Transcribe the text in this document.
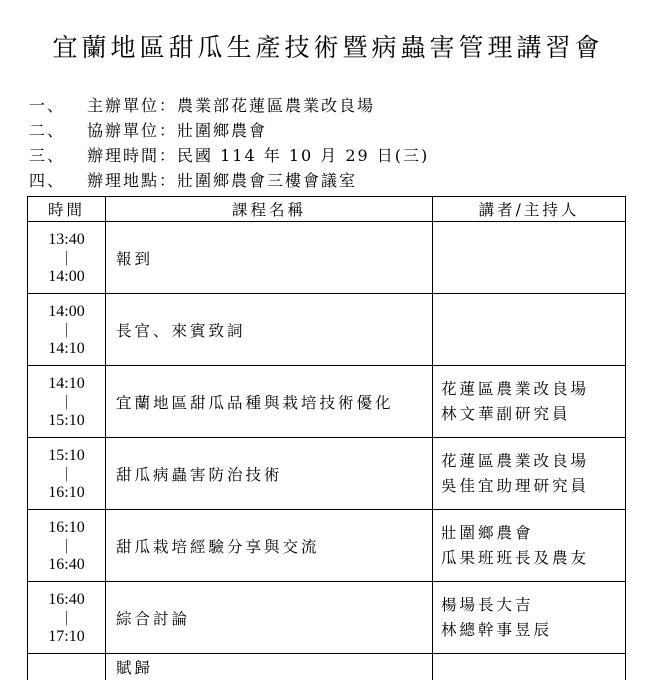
宜蘭地區甜瓜生產技術暨病蟲害管理講習會
一、	主辦單位 ：	農業部花蓮區農業改良場
二、	協辦單位 ：	壯圍鄉農會
三、	辦理時間 ：	民國 114 年 10 月 29 日(三)
四、	辦理地點 ：	壯圍鄉農會三樓會議室
時間	課程名稱	講者/主持人

13:40
|
14:00	報到	

14:00
|
14:10	長官、來賓致詞	

14:10
|
15:10	宜蘭地區甜瓜品種與栽培技術優化	花蓮區農業改良場
林文華副研究員

15:10
|
16:10	甜瓜病蟲害防治技術	花蓮區農業改良場
吳佳宜助理研究員

16:10
|
16:40	甜瓜栽培經驗分享與交流	壯圍鄉農會
瓜果班班長及農友

16:40
|
17:10	綜合討論	楊場長大吉
林總幹事昱辰

	賦歸	
